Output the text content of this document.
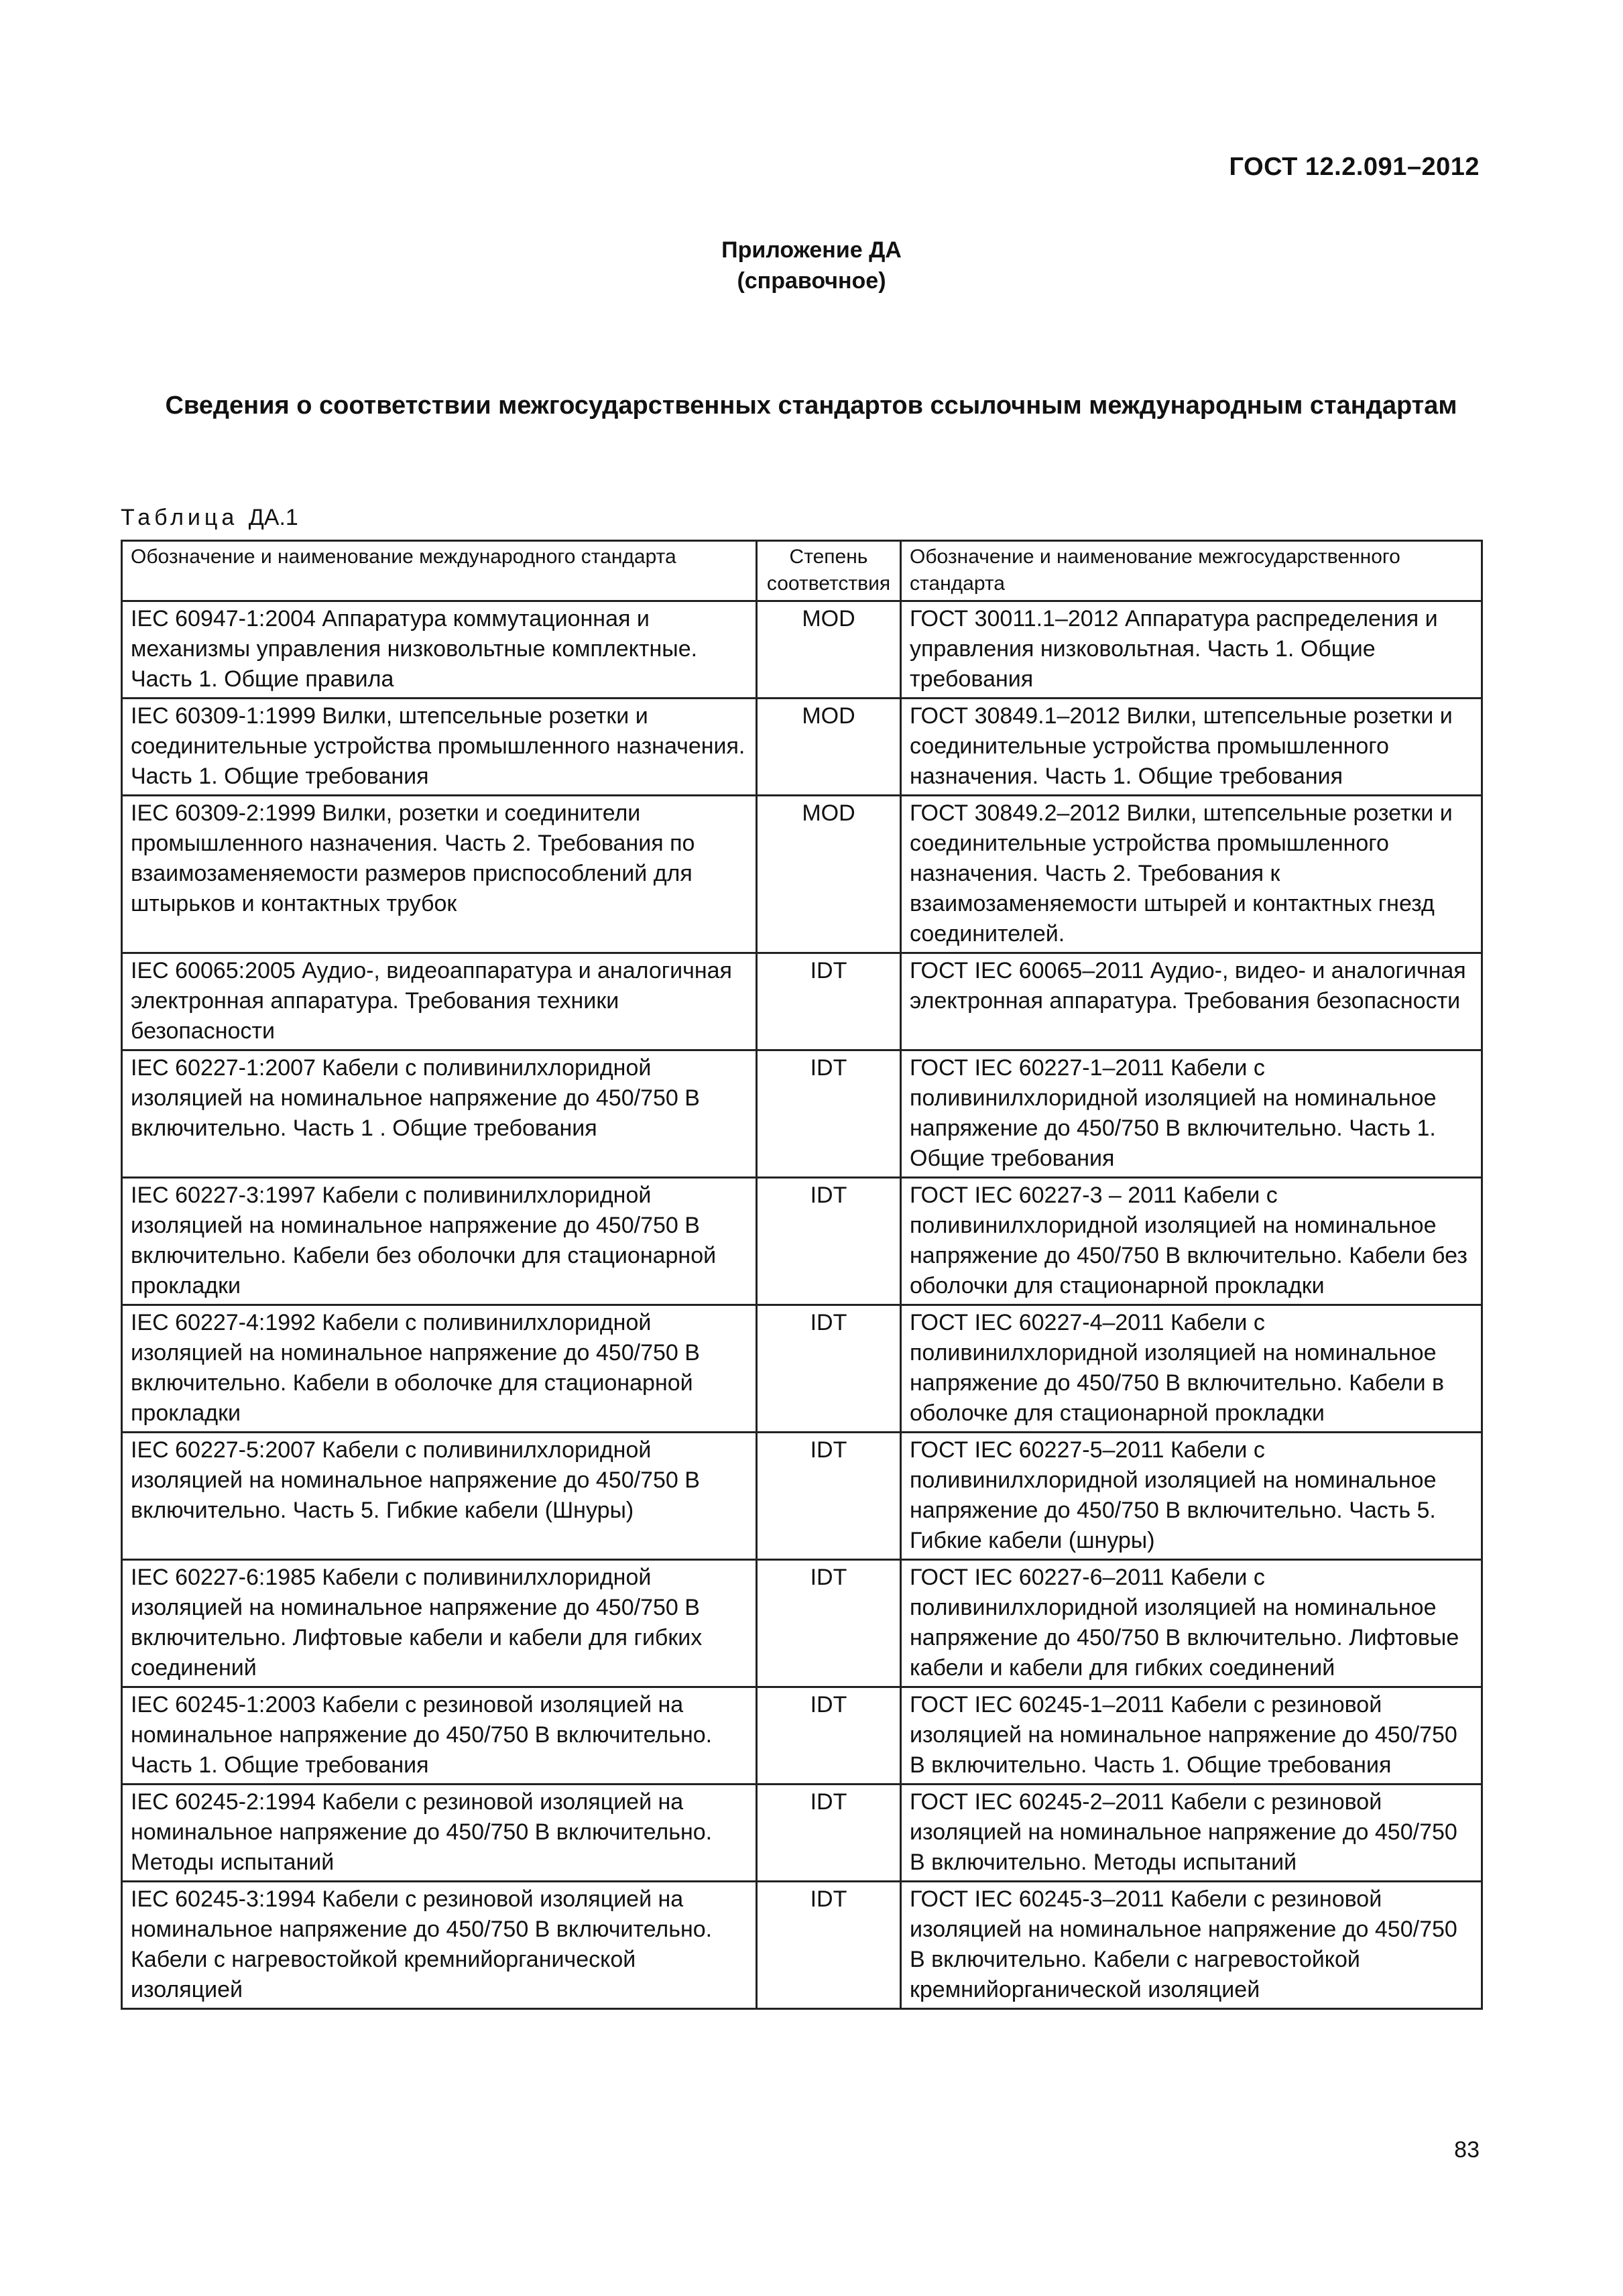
ГОСТ 12.2.091–2012
Приложение ДА
(справочное)
Сведения о соответствии межгосударственных стандартов ссылочным международным стандартам
Таблица ДА.1
Обозначение и наименование международного стандарта	Степень соответствия	Обозначение и наименование межгосударственного стандарта
IEC 60947-1:2004 Аппаратура коммутационная и механизмы управления низковольтные комплектные. Часть 1. Общие правила	MOD	ГОСТ 30011.1–2012 Аппаратура распределения и управления низковольтная. Часть 1. Общие требования
IEC 60309-1:1999 Вилки, штепсельные розетки и соединительные устройства промышленного назначения. Часть 1. Общие требования	MOD	ГОСТ 30849.1–2012 Вилки, штепсельные розетки и соединительные устройства промышленного назначения. Часть 1. Общие требования
IEC 60309-2:1999 Вилки, розетки и соединители промышленного назначения. Часть 2. Требования по взаимозаменяемости размеров приспособлений для штырьков и контактных трубок	MOD	ГОСТ 30849.2–2012 Вилки, штепсельные розетки и соединительные устройства промышленного назначения. Часть 2. Требования к взаимозаменяемости штырей и контактных гнезд соединителей.
IEC 60065:2005 Аудио-, видеоаппаратура и аналогичная электронная аппаратура. Требования техники безопасности	IDT	ГОСТ IEC 60065–2011 Аудио-, видео- и аналогичная электронная аппаратура. Требования безопасности
IEC 60227-1:2007 Кабели с поливинилхлоридной изоляцией на номинальное напряжение до 450/750 В включительно. Часть 1 . Общие требования	IDT	ГОСТ IEC 60227-1–2011 Кабели с поливинилхлоридной изоляцией на номинальное напряжение до 450/750 В включительно. Часть 1. Общие требования
IEC 60227-3:1997 Кабели с поливинилхлоридной изоляцией на номинальное напряжение до 450/750 В включительно. Кабели без оболочки для стационарной прокладки	IDT	ГОСТ IEC 60227-3 – 2011 Кабели с поливинилхлоридной изоляцией на номинальное напряжение до 450/750 В включительно. Кабели без оболочки для стационарной прокладки
IEC 60227-4:1992 Кабели с поливинилхлоридной изоляцией на номинальное напряжение до 450/750 В включительно. Кабели в оболочке для стационарной прокладки	IDT	ГОСТ IEC 60227-4–2011 Кабели с поливинилхлоридной изоляцией на номинальное напряжение до 450/750 В включительно. Кабели в оболочке для стационарной прокладки
IEC 60227-5:2007 Кабели с поливинилхлоридной изоляцией на номинальное напряжение до 450/750 В включительно. Часть 5. Гибкие кабели (Шнуры)	IDT	ГОСТ IEC 60227-5–2011 Кабели с поливинилхлоридной изоляцией на номинальное напряжение до 450/750 В включительно. Часть 5. Гибкие кабели (шнуры)
IEC 60227-6:1985 Кабели с поливинилхлоридной изоляцией на номинальное напряжение до 450/750 В включительно. Лифтовые кабели и кабели для гибких соединений	IDT	ГОСТ IEC 60227-6–2011 Кабели с поливинилхлоридной изоляцией на номинальное напряжение до 450/750 В включительно. Лифтовые кабели и кабели для гибких соединений
IEC 60245-1:2003 Кабели с резиновой изоляцией на номинальное напряжение до 450/750 В включительно. Часть 1. Общие требования	IDT	ГОСТ IEC 60245-1–2011 Кабели с резиновой изоляцией на номинальное напряжение до 450/750 В включительно. Часть 1. Общие требования
IEC 60245-2:1994 Кабели с резиновой изоляцией на номинальное напряжение до 450/750 В включительно. Методы испытаний	IDT	ГОСТ IEC 60245-2–2011 Кабели с резиновой изоляцией на номинальное напряжение до 450/750 В включительно. Методы испытаний
IEC 60245-3:1994 Кабели с резиновой изоляцией на номинальное напряжение до 450/750 В включительно. Кабели с нагревостойкой кремнийорганической изоляцией	IDT	ГОСТ IEC 60245-3–2011 Кабели с резиновой изоляцией на номинальное напряжение до 450/750 В включительно. Кабели с нагревостойкой кремнийорганической изоляцией
83
